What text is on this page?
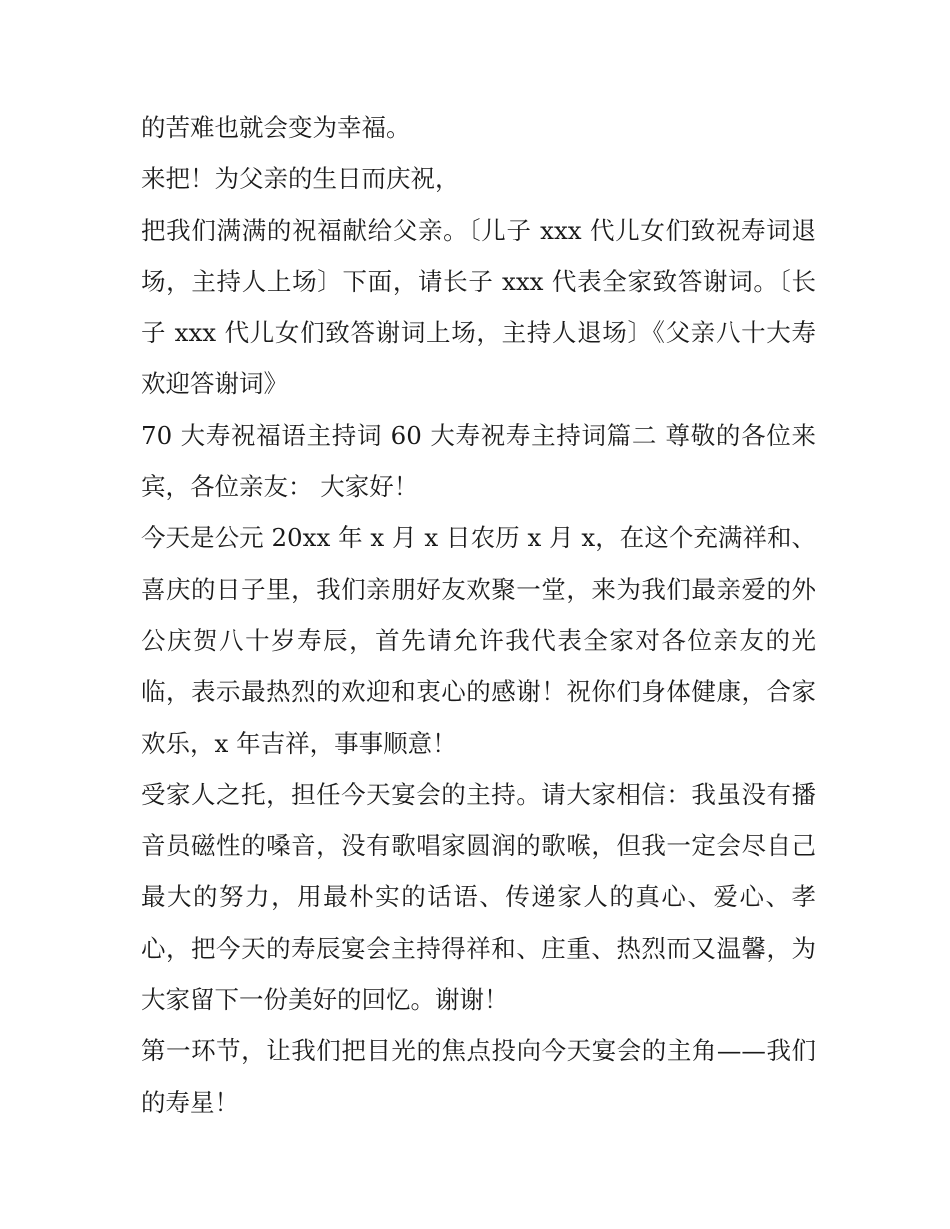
的苦难也就会变为幸福。

来把！为父亲的生日而庆祝，

把我们满满的祝福献给父亲。〔儿子 xxx 代儿女们致祝寿词退场，主持人上场〕下面，请长子 xxx 代表全家致答谢词。〔长子 xxx 代儿女们致答谢词上场，主持人退场〕《父亲八十大寿欢迎答谢词》

70 大寿祝福语主持词 60 大寿祝寿主持词篇二 尊敬的各位来宾，各位亲友： 大家好！

今天是公元 20xx 年 x 月 x 日农历 x 月 x，在这个充满祥和、喜庆的日子里，我们亲朋好友欢聚一堂，来为我们最亲爱的外公庆贺八十岁寿辰，首先请允许我代表全家对各位亲友的光临，表示最热烈的欢迎和衷心的感谢！祝你们身体健康，合家欢乐，x 年吉祥，事事顺意！

受家人之托，担任今天宴会的主持。请大家相信：我虽没有播音员磁性的嗓音，没有歌唱家圆润的歌喉，但我一定会尽自己最大的努力，用最朴实的话语、传递家人的真心、爱心、孝心，把今天的寿辰宴会主持得祥和、庄重、热烈而又温馨，为大家留下一份美好的回忆。谢谢！

第一环节，让我们把目光的焦点投向今天宴会的主角——我们的寿星！
